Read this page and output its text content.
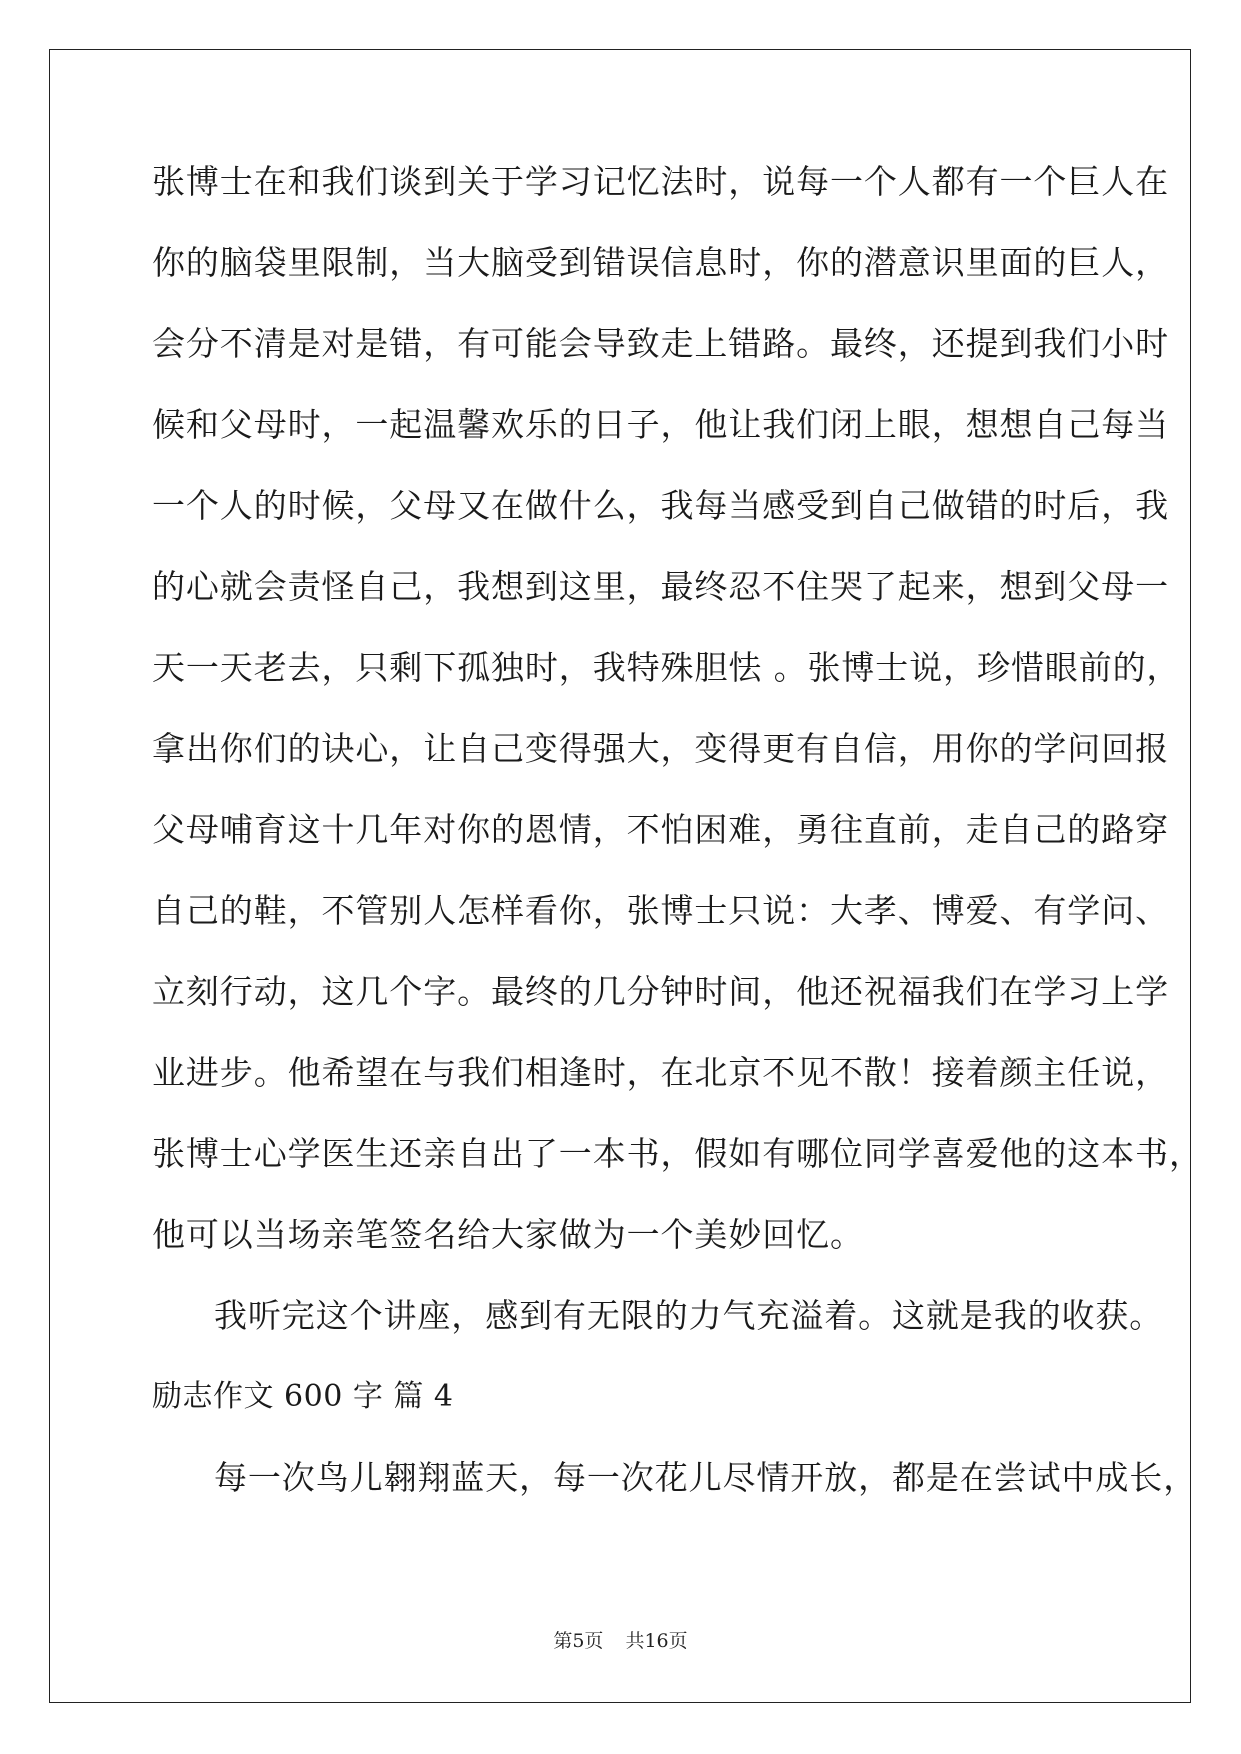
张博士在和我们谈到关于学习记忆法时，说每一个人都有一个巨人在
你的脑袋里限制，当大脑受到错误信息时，你的潜意识里面的巨人，
会分不清是对是错，有可能会导致走上错路。最终，还提到我们小时
候和父母时，一起温馨欢乐的日子，他让我们闭上眼，想想自己每当
一个人的时候，父母又在做什么，我每当感受到自己做错的时后，我
的心就会责怪自己，我想到这里，最终忍不住哭了起来，想到父母一
天一天老去，只剩下孤独时，我特殊胆怯 。张博士说，珍惜眼前的，
拿出你们的诀心，让自己变得强大，变得更有自信，用你的学问回报
父母哺育这十几年对你的恩情，不怕困难，勇往直前，走自己的路穿
自己的鞋，不管别人怎样看你，张博士只说：大孝、博爱、有学问、
立刻行动，这几个字。最终的几分钟时间，他还祝福我们在学习上学
业进步。他希望在与我们相逢时，在北京不见不散！接着颜主任说，
张博士心学医生还亲自出了一本书，假如有哪位同学喜爱他的这本书，
他可以当场亲笔签名给大家做为一个美妙回忆。
我听完这个讲座，感到有无限的力气充溢着。这就是我的收获。
励志作文 600 字 篇 4
每一次鸟儿翱翔蓝天，每一次花儿尽情开放，都是在尝试中成长，
第5页 共16页
